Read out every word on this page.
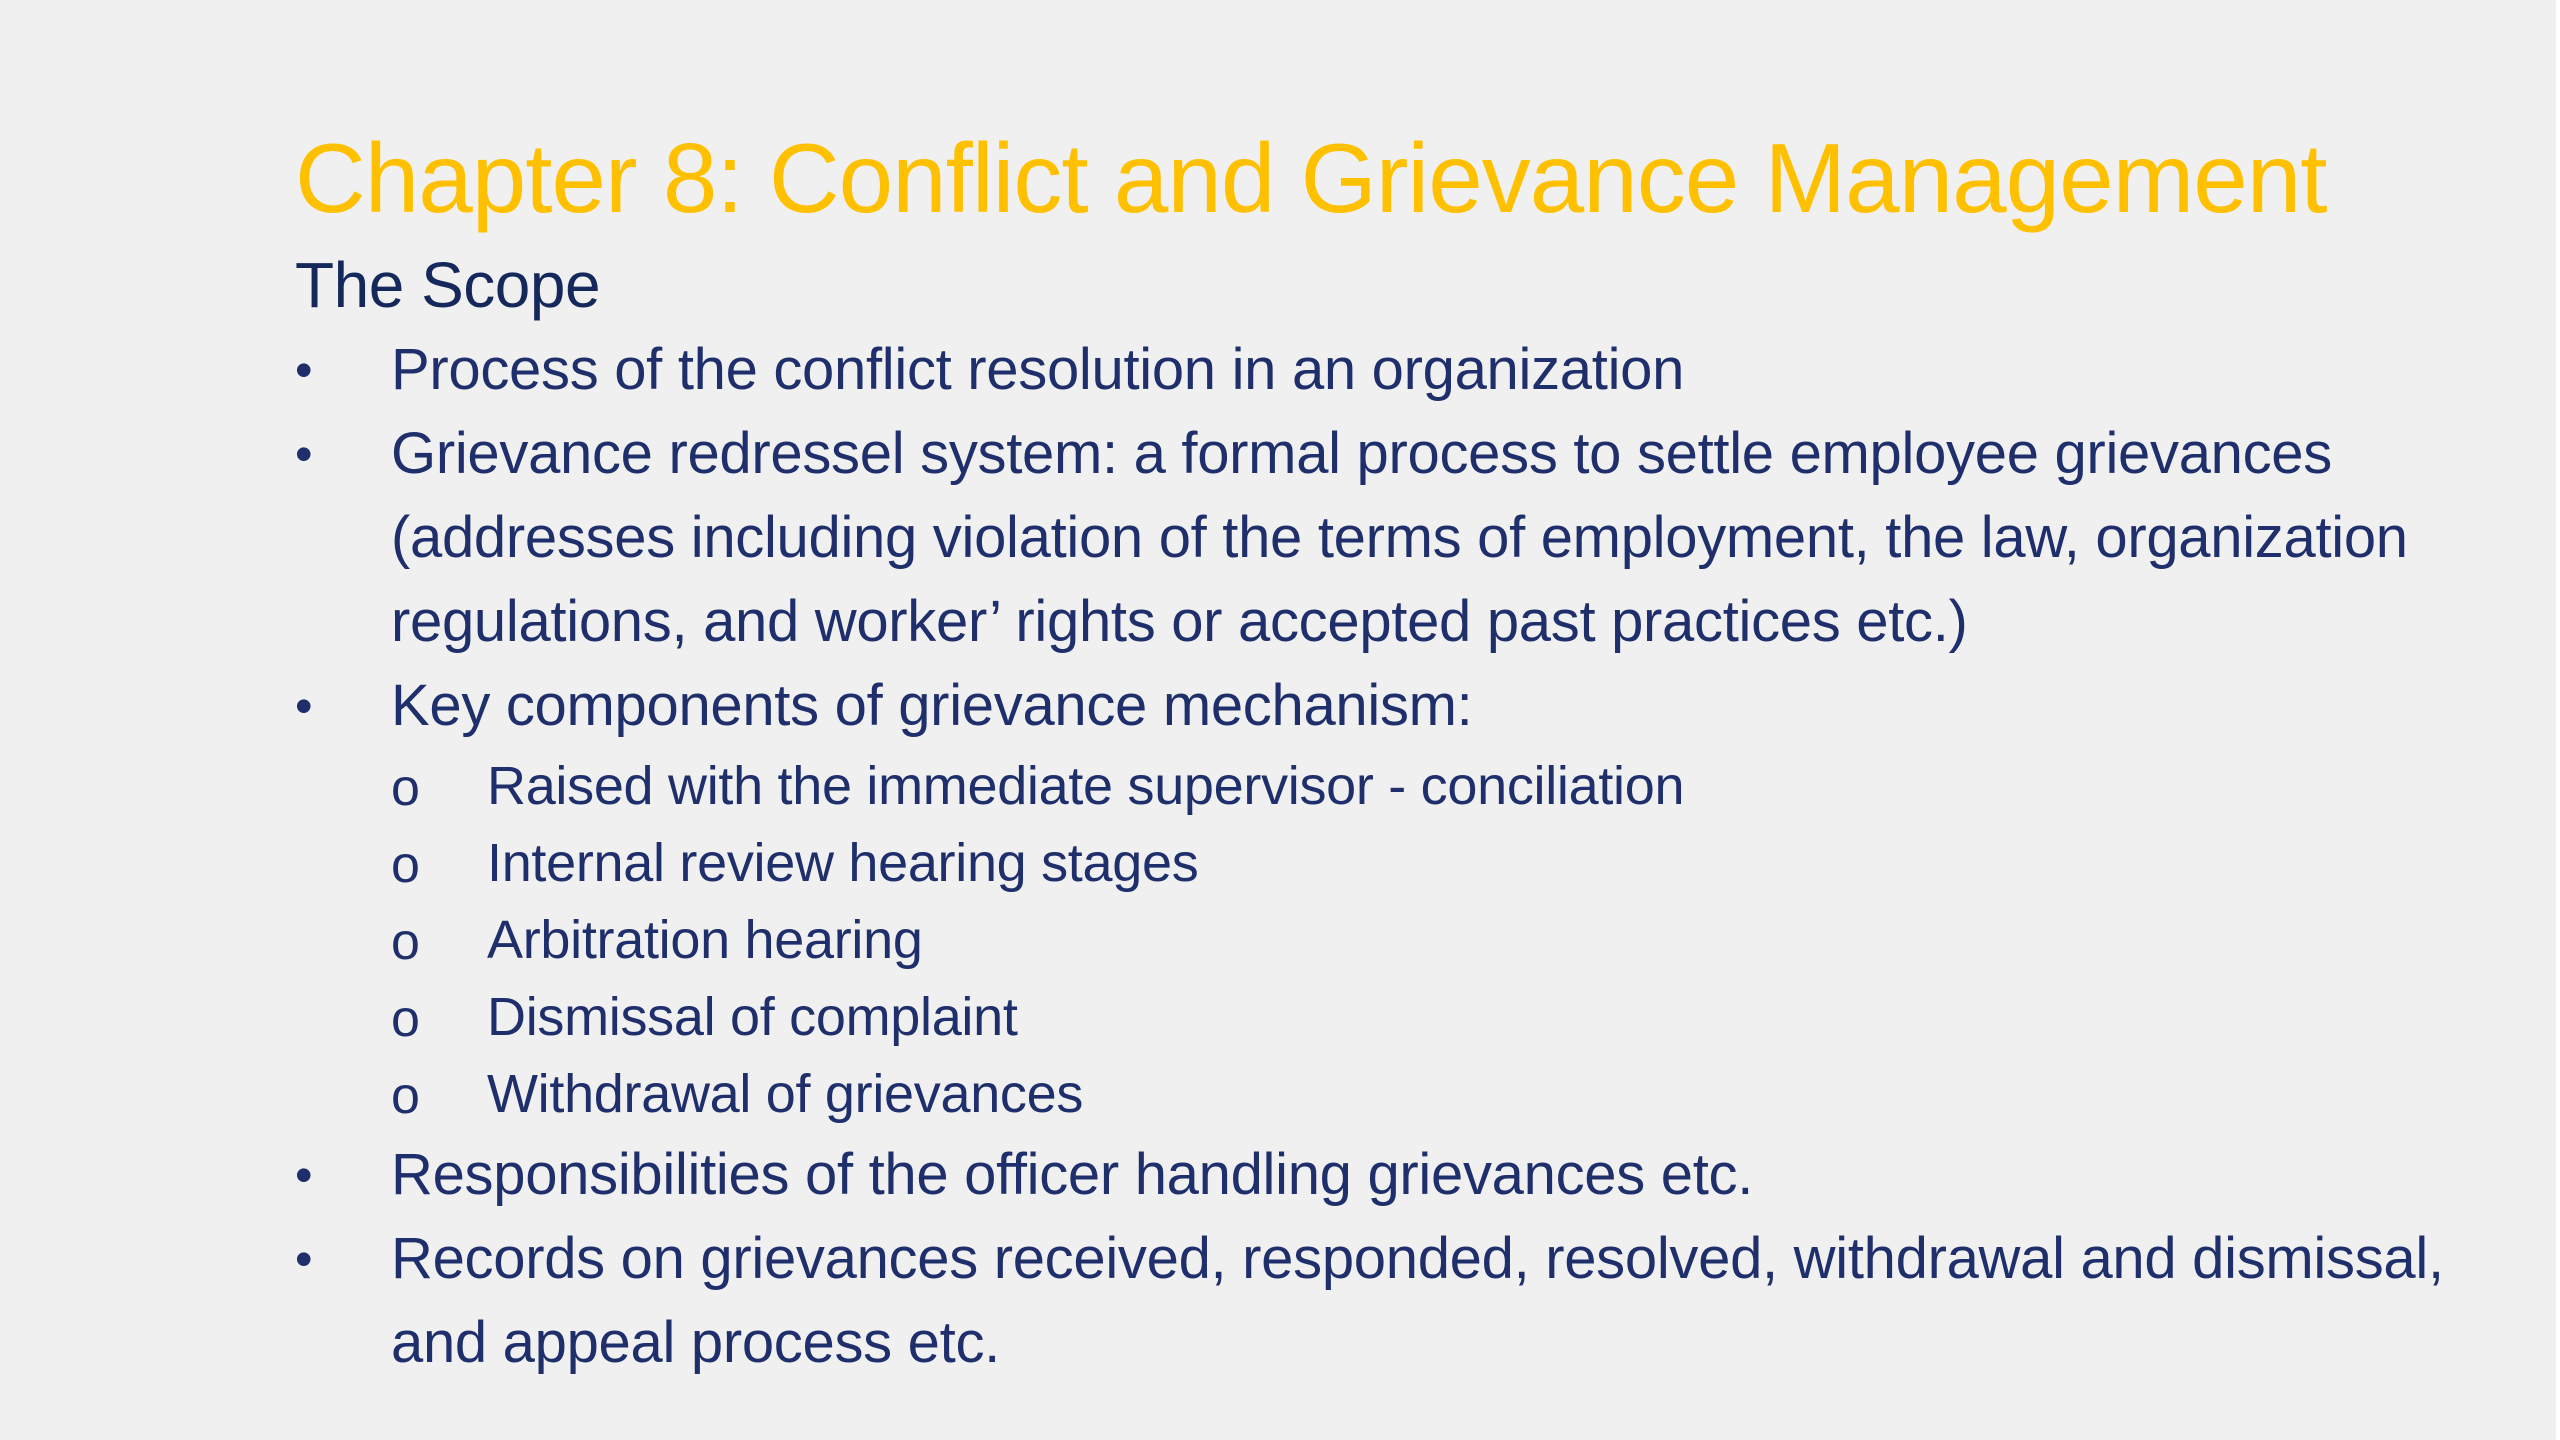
Chapter 8: Conflict and Grievance Management
The Scope
•	Process of the conflict resolution in an organization
•	Grievance redressel system: a formal process to settle employee grievances (addresses including violation of the terms of employment, the law, organization regulations, and worker’ rights or accepted past practices etc.)
•	Key components of grievance mechanism:
o Raised with the immediate supervisor - conciliation
o Internal review hearing stages
o Arbitration hearing
o Dismissal of complaint
o Withdrawal of grievances
•	Responsibilities of the officer handling grievances etc.
•	Records on grievances received, responded, resolved, withdrawal and dismissal, and appeal process etc.
